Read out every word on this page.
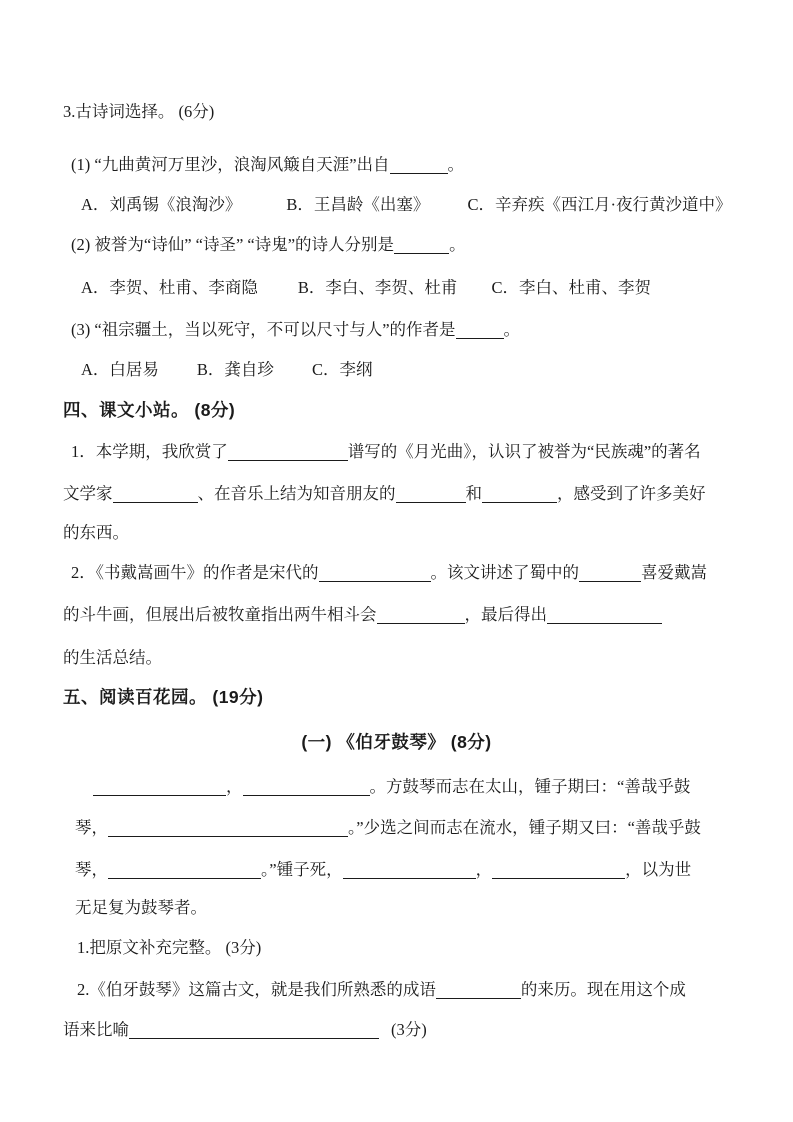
3.古诗词选择。 (6分)
(1) “九曲黄河万里沙，浪淘风簸自天涯”出自	。
A．刘禹锡《浪淘沙》	B．王昌龄《出塞》 C．辛弃疾《西江月·夜行黄沙道中》
(2) 被誉为“诗仙” “诗圣” “诗鬼”的诗人分别是	。
A．李贺、杜甫、李商隐 B．李白、李贺、杜甫 C．李白、杜甫、李贺
(3) “祖宗疆土，当以死守，不可以尺寸与人”的作者是	。
A．白居易 B．龚自珍 C．李纲
四、课文小站。 (8分)
1．本学期，我欣赏了	谱写的《月光曲》，认识了被誉为“民族魂”的著名
文学家	、在音乐上结为知音朋友的	和	，感受到了许多美好
的东西。
2．《书戴嵩画牛》的作者是宋代的	。该文讲述了蜀中的	喜爱戴嵩
的斗牛画，但展出后被牧童指出两牛相斗会	，最后得出
的生活总结。
五、阅读百花园。 (19分)
(一) 《伯牙鼓琴》 (8分)
，	。方鼓琴而志在太山，锺子期曰：“善哉乎鼓
琴，	。”少选之间而志在流水，锺子期又曰：“善哉乎鼓
琴，	。”锺子死，	，	，以为世
无足复为鼓琴者。
1.把原文补充完整。 (3分)
2.《伯牙鼓琴》这篇古文，就是我们所熟悉的成语	的来历。现在用这个成
语来比喻	(3分)
